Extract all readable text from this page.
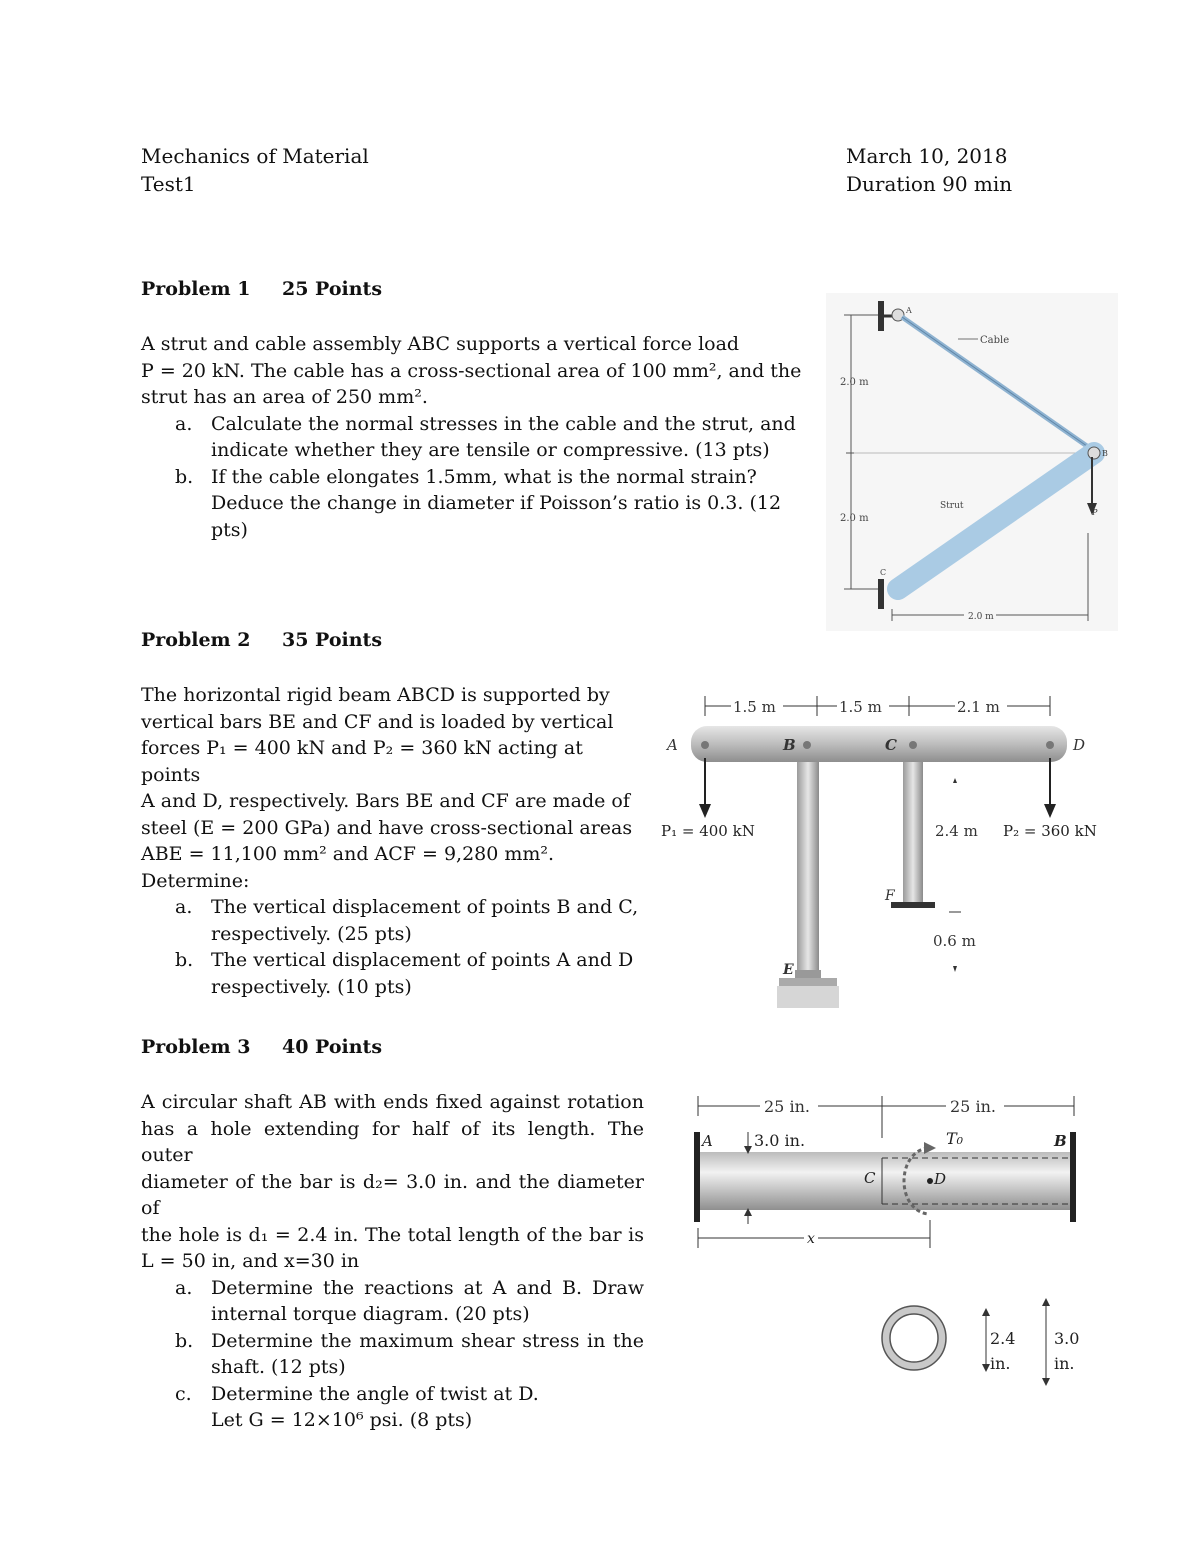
Mechanics of Material
Test1
March 10, 2018
Duration 90 min
Problem 1 25 Points

A strut and cable assembly ABC supports a vertical force load

P = 20 kN. The cable has a cross-sectional area of 100 mm², and the

strut has an area of 250 mm².

a. Calculate the normal stresses in the cable and the strut, and
indicate whether they are tensile or compressive. (13 pts)
b. If the cable elongates 1.5mm, what is the normal strain?
Deduce the change in diameter if Poisson’s ratio is 0.3. (12 pts)
2.0 m
2.0 m
Cable
Strut
P
A
B
C
2.0 m
Problem 2 35 Points

The horizontal rigid beam ABCD is supported by

vertical bars BE and CF and is loaded by vertical

forces P₁ = 400 kN and P₂ = 360 kN acting at points

A and D, respectively. Bars BE and CF are made of

steel (E = 200 GPa) and have cross-sectional areas

ABE = 11,100 mm² and ACF = 9,280 mm².

Determine:

a. The vertical displacement of points B and C,
respectively. (25 pts)
b. The vertical displacement of points A and D
respectively. (10 pts)
1.5 m	1.5 m	2.1 m
A	B	C	D
P₁ = 400 kN	P₂ = 360 kN
2.4 m
0.6 m
F
E
Problem 3 40 Points

A circular shaft AB with ends fixed against rotation

has a hole extending for half of its length. The outer

diameter of the bar is d₂= 3.0 in. and the diameter of

the hole is d₁ = 2.4 in. The total length of the bar is

L = 50 in, and x=30 in

a. Determine the reactions at A and B. Draw

internal torque diagram. (20 pts)

b. Determine the maximum shear stress in the

shaft. (12 pts)

c. Determine the angle of twist at D.

Let G = 12×10⁶ psi. (8 pts)

25 in.	25 in.
A	B
C	D
T₀
3.0 in.
x
2.4
in.
3.0
in.
